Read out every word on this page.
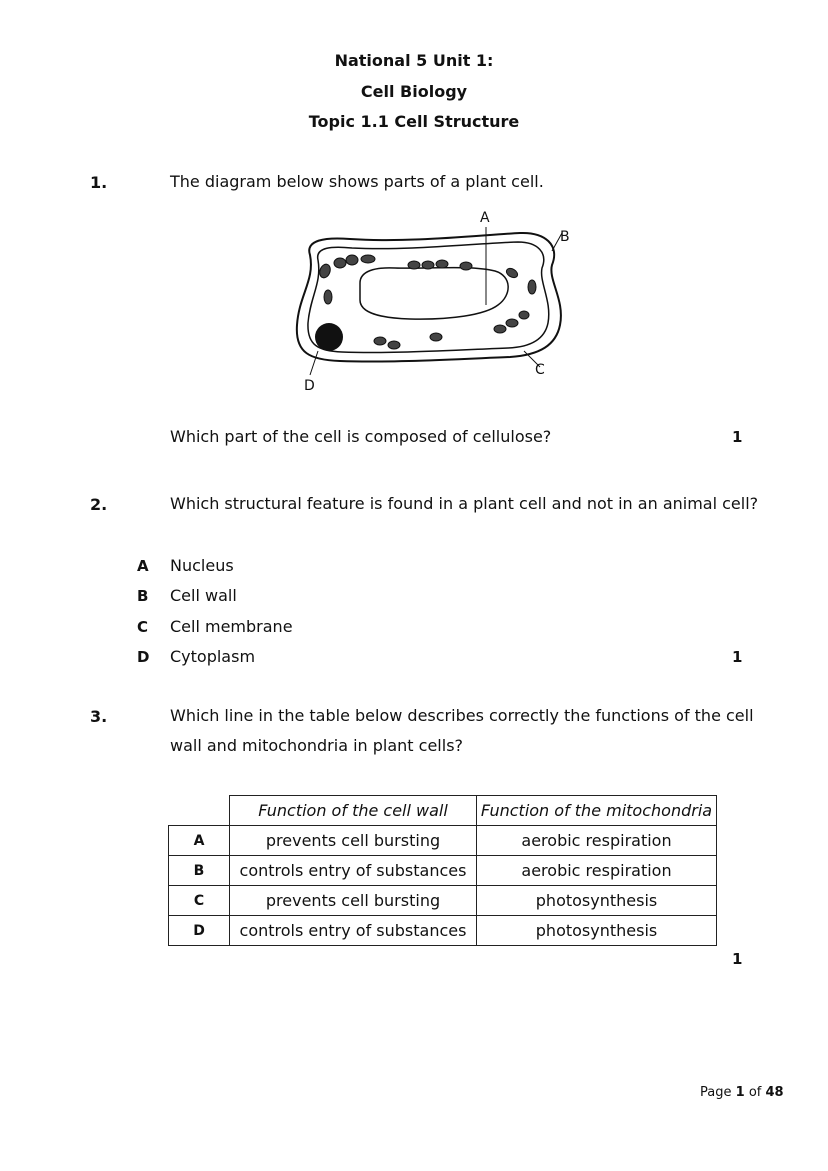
National 5 Unit 1:
Cell Biology
Topic 1.1 Cell Structure
1.	The diagram below shows parts of a plant cell.
A
B
C
D
Which part of the cell is composed of cellulose?	1
2.	Which structural feature is found in a plant cell and not in an animal cell?
A Nucleus
B Cell wall
C Cell membrane
D Cytoplasm	1
3.	Which line in the table below describes correctly the functions of the cell
wall and mitochondria in plant cells?
	Function of the cell wall	Function of the mitochondria
A	prevents cell bursting	aerobic respiration
B	controls entry of substances	aerobic respiration
C	prevents cell bursting	photosynthesis
D	controls entry of substances	photosynthesis
1
Page 1 of 48
